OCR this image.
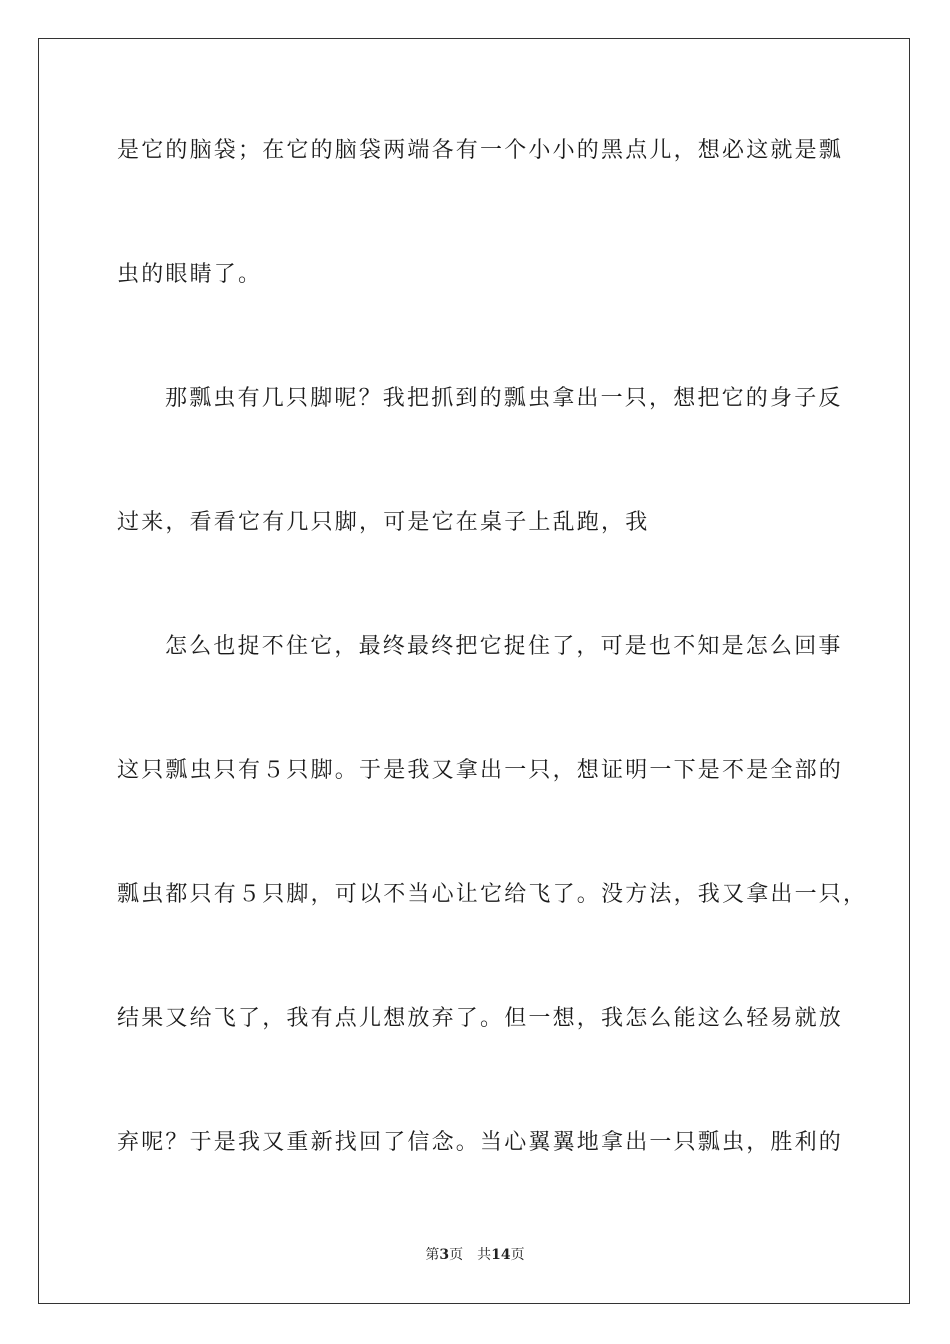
是它的脑袋；在它的脑袋两端各有一个小小的黑点儿，想必这就是瓢

虫的眼睛了。

那瓢虫有几只脚呢？我把抓到的瓢虫拿出一只，想把它的身子反

过来，看看它有几只脚，可是它在桌子上乱跑，我

怎么也捉不住它，最终最终把它捉住了，可是也不知是怎么回事

这只瓢虫只有５只脚。于是我又拿出一只，想证明一下是不是全部的

瓢虫都只有５只脚，可以不当心让它给飞了。没方法，我又拿出一只，

结果又给飞了，我有点儿想放弃了。但一想，我怎么能这么轻易就放

弃呢？于是我又重新找回了信念。当心翼翼地拿出一只瓢虫，胜利的

第3页 共14页
